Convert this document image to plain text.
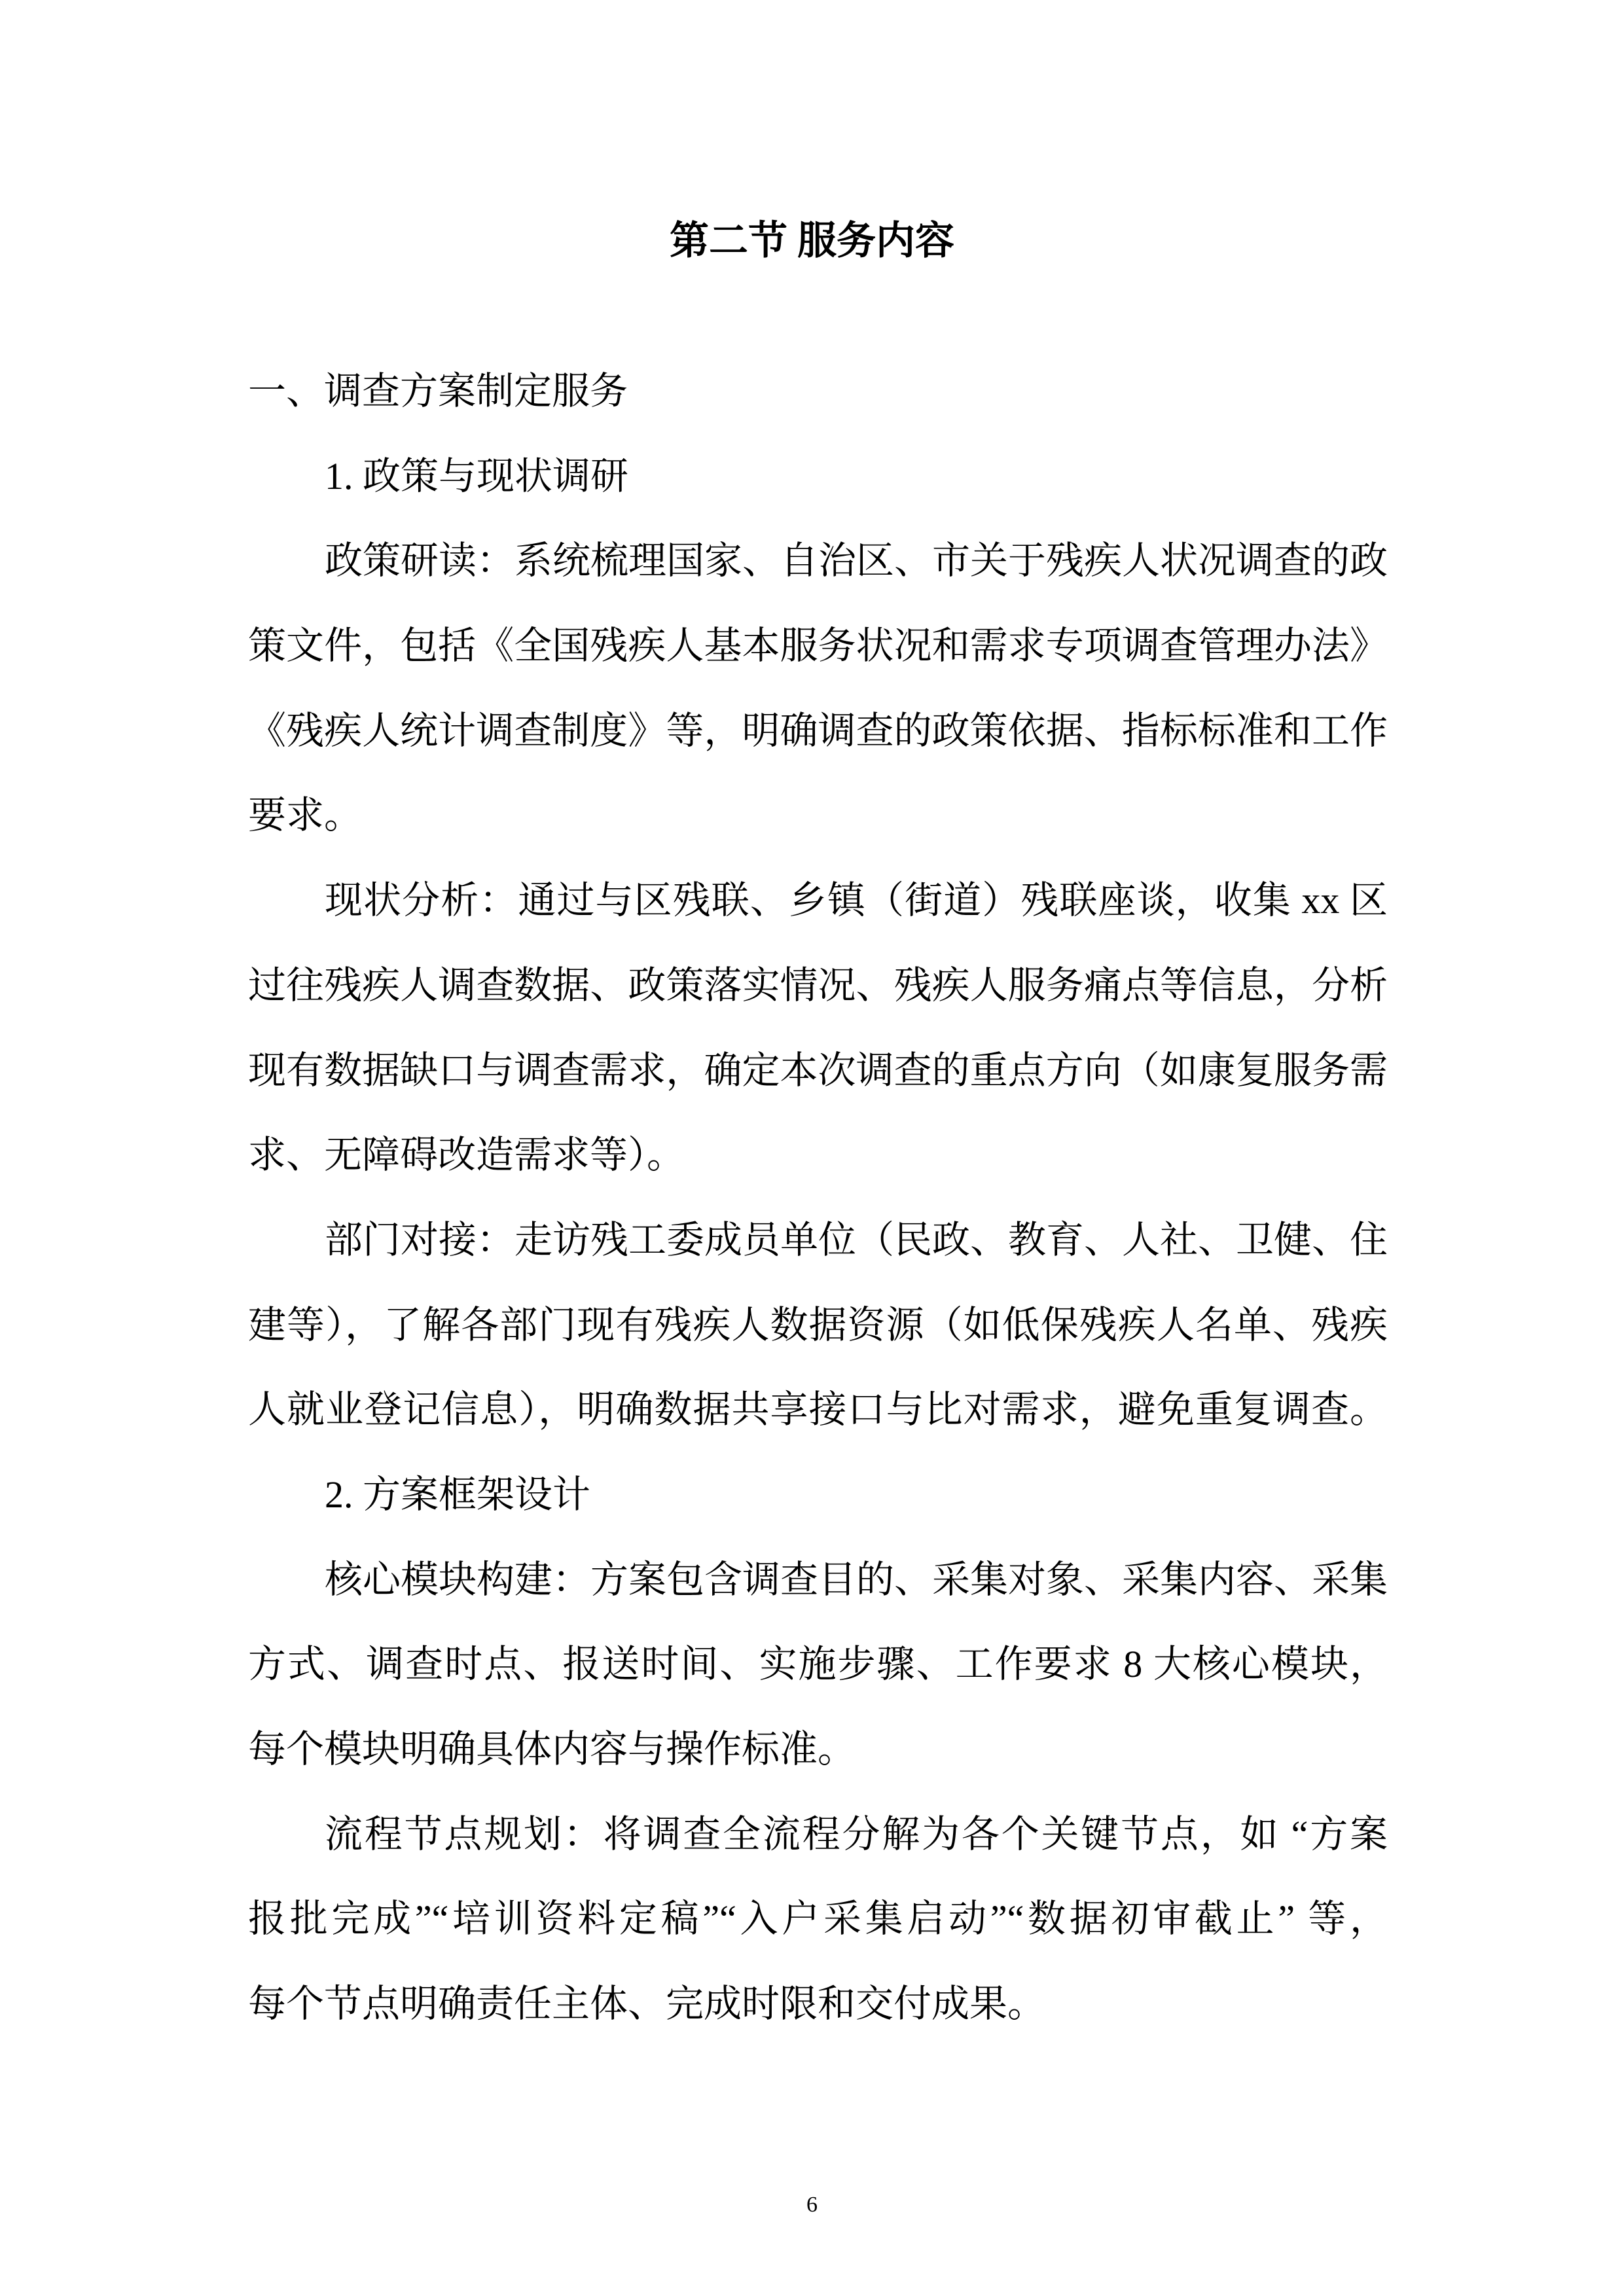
第二节 服务内容
一、调查方案制定服务
1. 政策与现状调研
政策研读：系统梳理国家、自治区、市关于残疾人状况调查的政
策文件，包括《全国残疾人基本服务状况和需求专项调查管理办法》
《残疾人统计调查制度》等，明确调查的政策依据、指标标准和工作
要求。
现状分析：通过与区残联、乡镇（街道）残联座谈，收集 xx 区
过往残疾人调查数据、政策落实情况、残疾人服务痛点等信息，分析
现有数据缺口与调查需求，确定本次调查的重点方向（如康复服务需
求、无障碍改造需求等）。
部门对接：走访残工委成员单位（民政、教育、人社、卫健、住
建等），了解各部门现有残疾人数据资源（如低保残疾人名单、残疾
人就业登记信息），明确数据共享接口与比对需求，避免重复调查。
2. 方案框架设计
核心模块构建：方案包含调查目的、采集对象、采集内容、采集
方式、调查时点、报送时间、实施步骤、工作要求 8 大核心模块，
每个模块明确具体内容与操作标准。
流程节点规划：将调查全流程分解为各个关键节点，如 “方案
报批完成”“培训资料定稿”“入户采集启动”“数据初审截止” 等，
每个节点明确责任主体、完成时限和交付成果。
6
